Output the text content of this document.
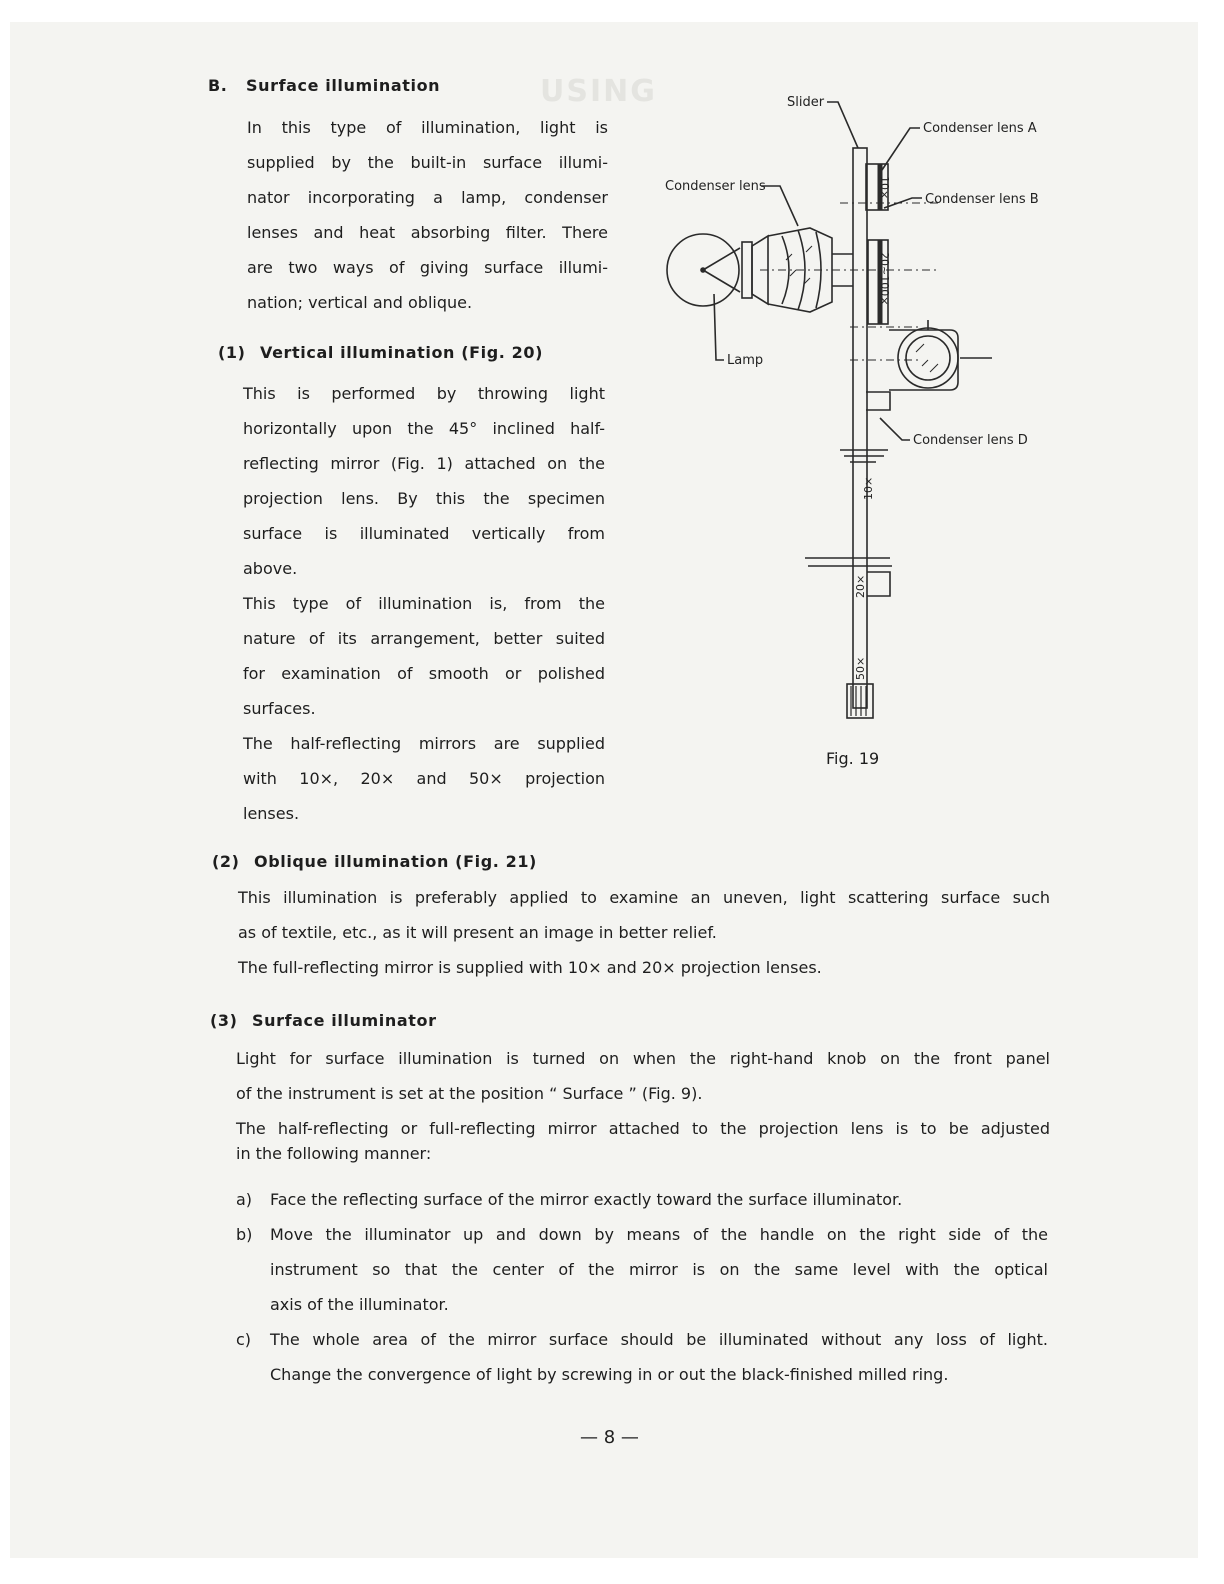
USING
B. Surface illumination
In this type of illumination, light is
supplied by the built-in surface illumi-
nator incorporating a lamp, condenser
lenses and heat absorbing filter. There
are two ways of giving surface illumi-
nation; vertical and oblique.
(1) Vertical illumination (Fig. 20)
This is performed by throwing light
horizontally upon the 45° inclined half-
reflecting mirror (Fig. 1) attached on the
projection lens. By this the specimen
surface is illuminated vertically from
above.
This type of illumination is, from the
nature of its arrangement, better suited
for examination of smooth or polished
surfaces.
The half-reflecting mirrors are supplied
with 10×, 20× and 50× projection
lenses.
(2) Oblique illumination (Fig. 21)
This illumination is preferably applied to examine an uneven, light scattering surface such
as of textile, etc., as it will present an image in better relief.
The full-reflecting mirror is supplied with 10× and 20× projection lenses.
(3) Surface illuminator
Light for surface illumination is turned on when the right-hand knob on the front panel
of the instrument is set at the position “ Surface ” (Fig. 9).
The half-reflecting or full-reflecting mirror attached to the projection lens is to be adjusted
in the following manner:
a) Face the reflecting surface of the mirror exactly toward the surface illuminator.
b) Move the illuminator up and down by means of the handle on the right side of the
instrument so that the center of the mirror is on the same level with the optical
axis of the illuminator.
c) The whole area of the mirror surface should be illuminated without any loss of light.
Change the convergence of light by screwing in or out the black-finished milled ring.
— 8 —
Slider
Condenser lens A
Condenser lens
Condenser lens B
Lamp
Condenser lens D
10×
20~100×
10×
20×
50×
Fig. 19
